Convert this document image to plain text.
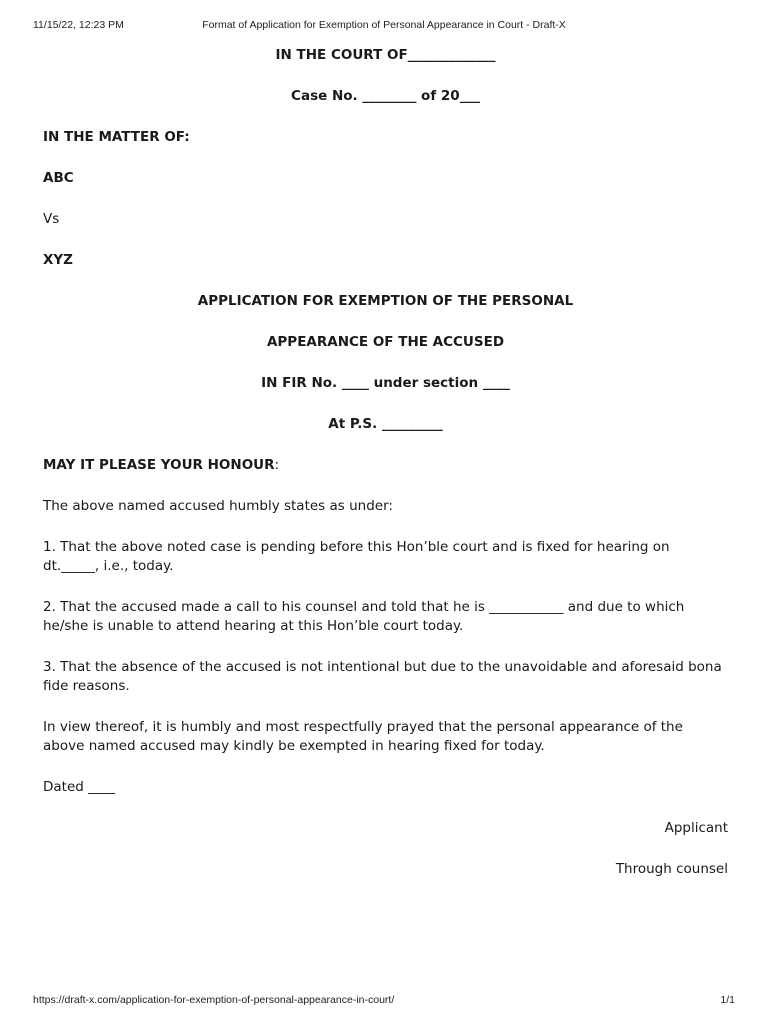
11/15/22, 12:23 PM	Format of Application for Exemption of Personal Appearance in Court - Draft-X

IN THE COURT OF_____________

Case No. ________ of 20___

IN THE MATTER OF:

ABC

Vs

XYZ

APPLICATION FOR EXEMPTION OF THE PERSONAL

APPEARANCE OF THE ACCUSED

IN FIR No. ____ under section ____

At P.S. _________

MAY IT PLEASE YOUR HONOUR:

The above named accused humbly states as under:

1. That the above noted case is pending before this Hon’ble court and is fixed for hearing on dt._____, i.e., today.

2. That the accused made a call to his counsel and told that he is ___________ and due to which he/she is unable to attend hearing at this Hon’ble court today.

3. That the absence of the accused is not intentional but due to the unavoidable and aforesaid bona fide reasons.

In view thereof, it is humbly and most respectfully prayed that the personal appearance of the above named accused may kindly be exempted in hearing fixed for today.

Dated ____

Applicant

Through counsel

https://draft-x.com/application-for-exemption-of-personal-appearance-in-court/	1/1
